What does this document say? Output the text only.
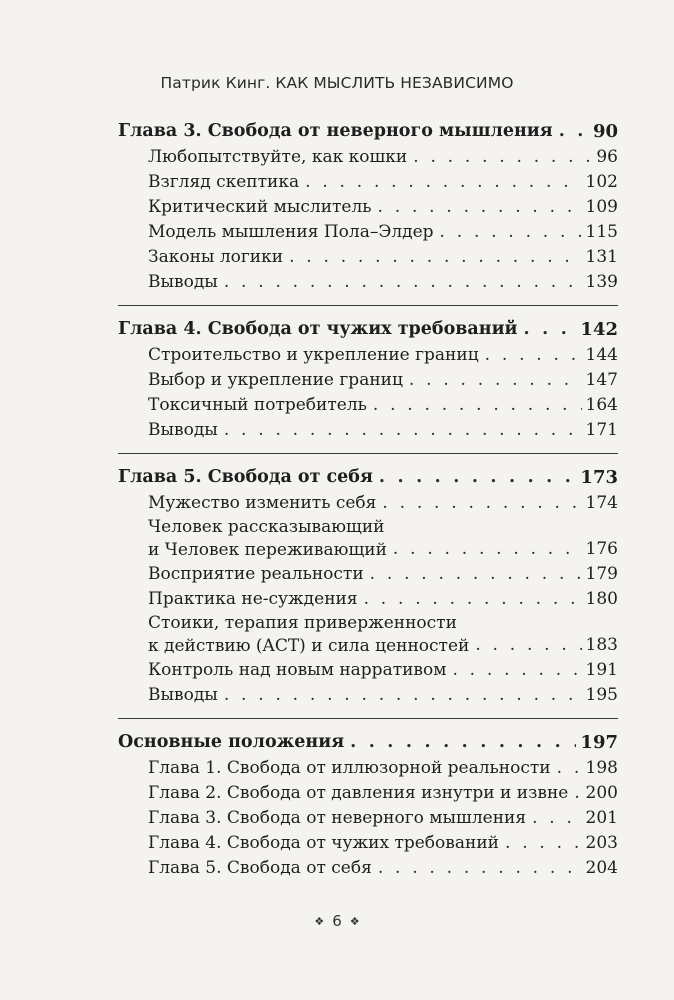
Патрик Кинг. КАК МЫСЛИТЬ НЕЗАВИСИМО
Глава 3. Свобода от неверного мышления . . . 90
Любопытствуйте, как кошки . . .	96
Взгляд скептика . . .	102
Критический мыслитель . . .	109
Модель мышления Пола–Элдер . . .	115
Законы логики . . .	131
Выводы . . .	139
Глава 4. Свобода от чужих требований . . .	142
Строительство и укрепление границ . . .	144
Выбор и укрепление границ . . .	147
Токсичный потребитель . . .	164
Выводы . . .	171
Глава 5. Свобода от себя . . .	173
Мужество изменить себя . . .	174
Человек рассказывающий
и Человек переживающий . . .	176
Восприятие реальности . . .	179
Практика не-суждения . . .	180
Стоики, терапия приверженности
к действию (ACT) и сила ценностей . . .	183
Контроль над новым нарративом . . .	191
Выводы . . .	195
Основные положения . . .	197
Глава 1. Свобода от иллюзорной реальности . . . 198
Глава 2. Свобода от давления изнутри и извне . . . 200
Глава 3. Свобода от неверного мышления . . .	201
Глава 4. Свобода от чужих требований . . .	203
Глава 5. Свобода от себя . . .	204
❖ 6 ❖
